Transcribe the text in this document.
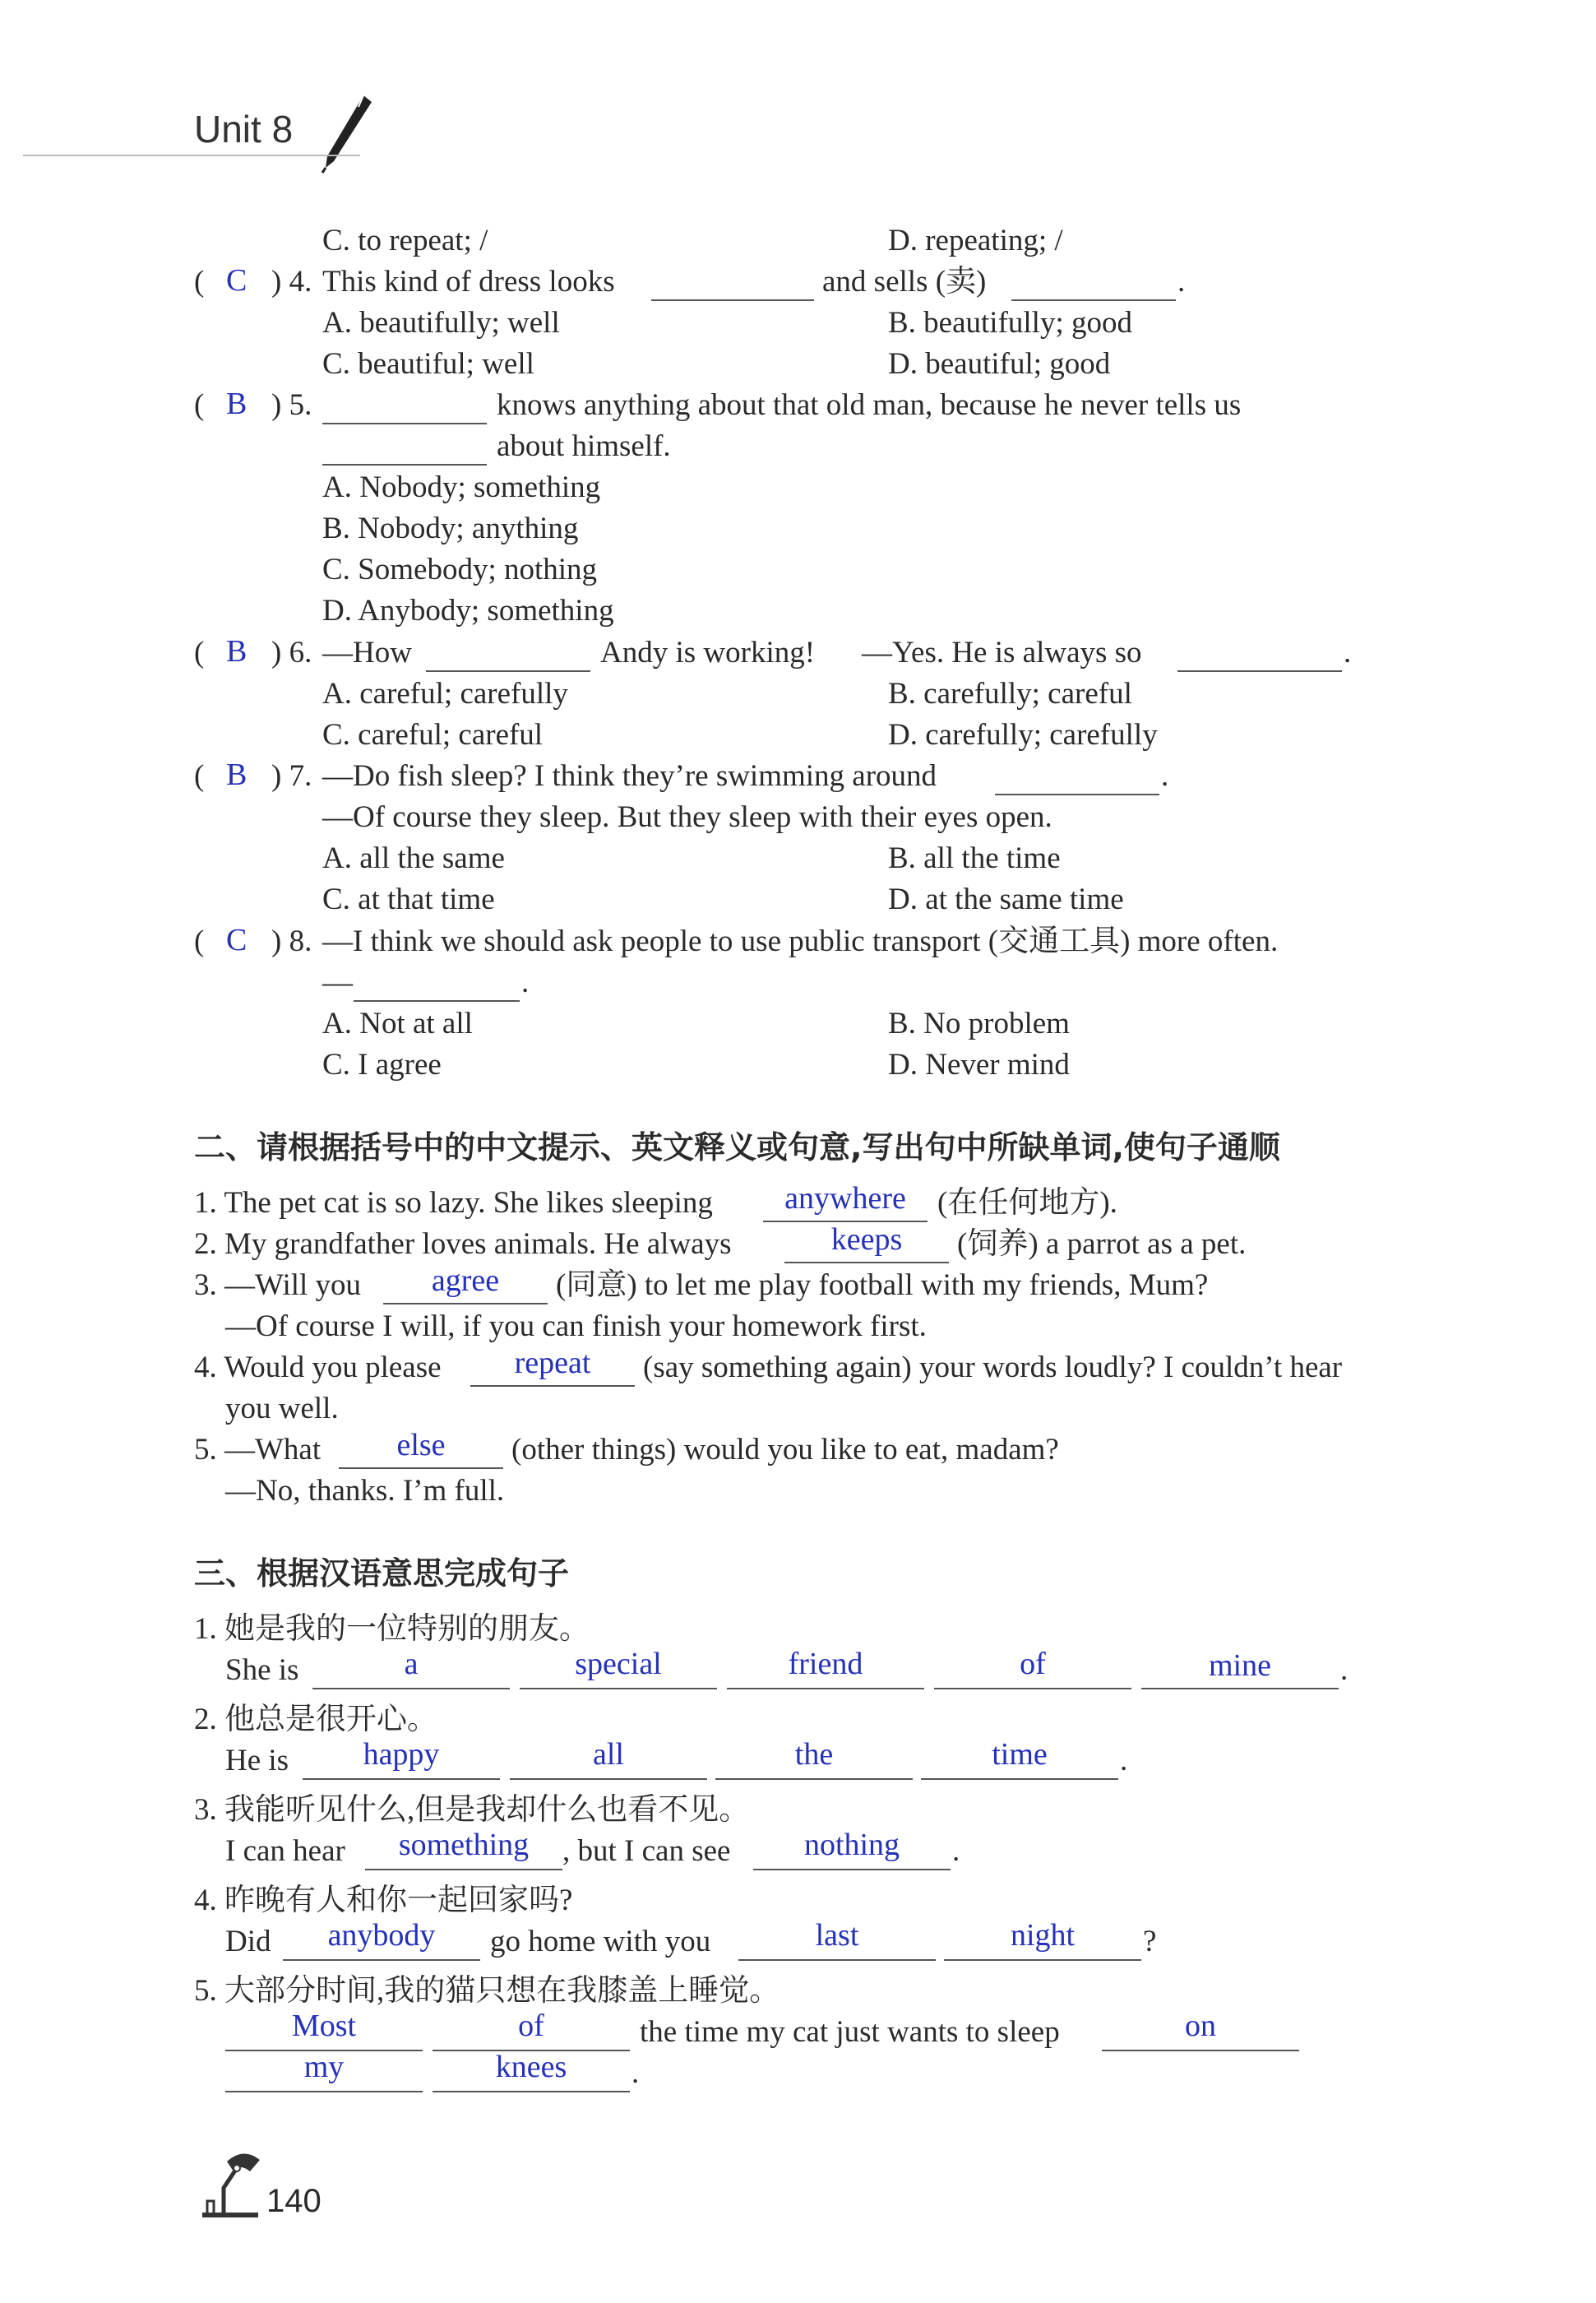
Unit 8
C. to repeat; /	D. repeating; /
( C ) 4. This kind of dress looks	and sells (卖)	.
A. beautifully; well	B. beautifully; good
C. beautiful; well	D. beautiful; good
( B ) 5.	knows anything about that old man, because he never tells us
about himself.
A. Nobody; something
B. Nobody; anything
C. Somebody; nothing
D. Anybody; something
( B ) 6. —How	Andy is working! —Yes. He is always so	.
A. careful; carefully	B. carefully; careful
C. careful; careful	D. carefully; carefully
( B ) 7. —Do fish sleep? I think they’re swimming around	.
—Of course they sleep. But they sleep with their eyes open.
A. all the same	B. all the time
C. at that time	D. at the same time
( C ) 8. —I think we should ask people to use public transport (交通工具) more often.
—	.
A. Not at all	B. No problem
C. I agree	D. Never mind
二、请根据括号中的中文提示、英文释义或句意,写出句中所缺单词,使句子通顺
1. The pet cat is so lazy. She likes sleeping	anywhere	(在任何地方).
2. My grandfather loves animals. He always	keeps	(饲养) a parrot as a pet.
3. —Will you	agree	(同意) to let me play football with my friends, Mum?
—Of course I will, if you can finish your homework first.
4. Would you please	repeat	(say something again) your words loudly? I couldn’t hear
you well.
5. —What	else	(other things) would you like to eat, madam?
—No, thanks. I’m full.
三、根据汉语意思完成句子
1. 她是我的一位特别的朋友。
She is	a	special	friend	of	mine	.
2. 他总是很开心。
He is	happy	all	the	time	.
3. 我能听见什么,但是我却什么也看不见。
I can hear	something	, but I can see	nothing	.
4. 昨晚有人和你一起回家吗?
Did	anybody	go home with you	last	night	?
5. 大部分时间,我的猫只想在我膝盖上睡觉。
Most	of	the time my cat just wants to sleep	on
my	knees	.
140
